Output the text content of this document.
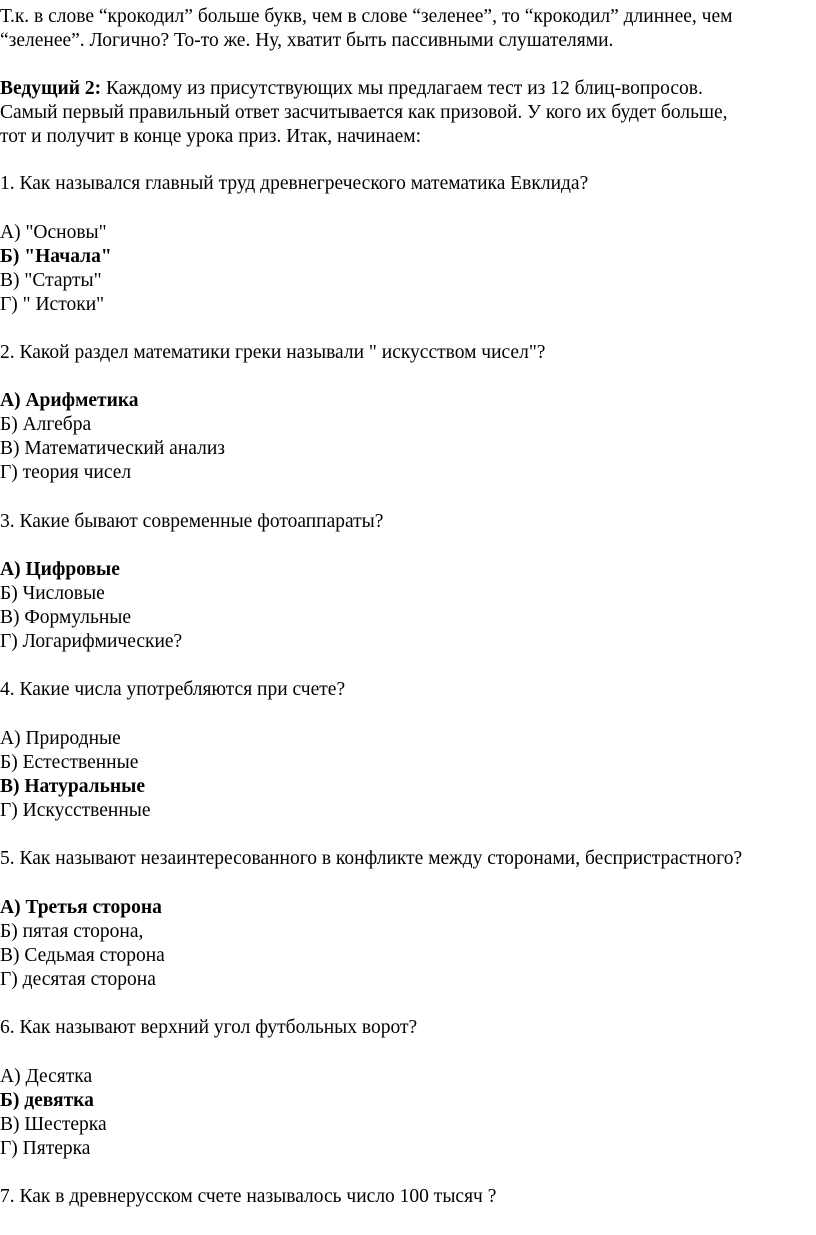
Т.к. в слове “крокодил” больше букв, чем в слове “зеленее”, то “крокодил” длиннее, чем
“зеленее”. Логично? То-то же. Ну, хватит быть пассивными слушателями.
Ведущий 2: Каждому из присутствующих мы предлагаем тест из 12 блиц-вопросов.
Самый первый правильный ответ засчитывается как призовой. У кого их будет больше,
тот и получит в конце урока приз. Итак, начинаем:
1. Как назывался главный труд древнегреческого математика Евклида?
А) "Основы"
Б) "Начала"
В) "Старты"
Г) " Истоки"
2. Какой раздел математики греки называли " искусством чисел"?
А) Арифметика
Б) Алгебра
В) Математический анализ
Г) теория чисел
3. Какие бывают современные фотоаппараты?
А) Цифровые
Б) Числовые
В) Формульные
Г) Логарифмические?
4. Какие числа употребляются при счете?
А) Природные
Б) Естественные
В) Натуральные
Г) Искусственные
5. Как называют незаинтересованного в конфликте между сторонами, беспристрастного?
А) Третья сторона
Б) пятая сторона,
В) Седьмая сторона
Г) десятая сторона
6. Как называют верхний угол футбольных ворот?
А) Десятка
Б) девятка
В) Шестерка
Г) Пятерка
7. Как в древнерусском счете называлось число 100 тысяч ?
